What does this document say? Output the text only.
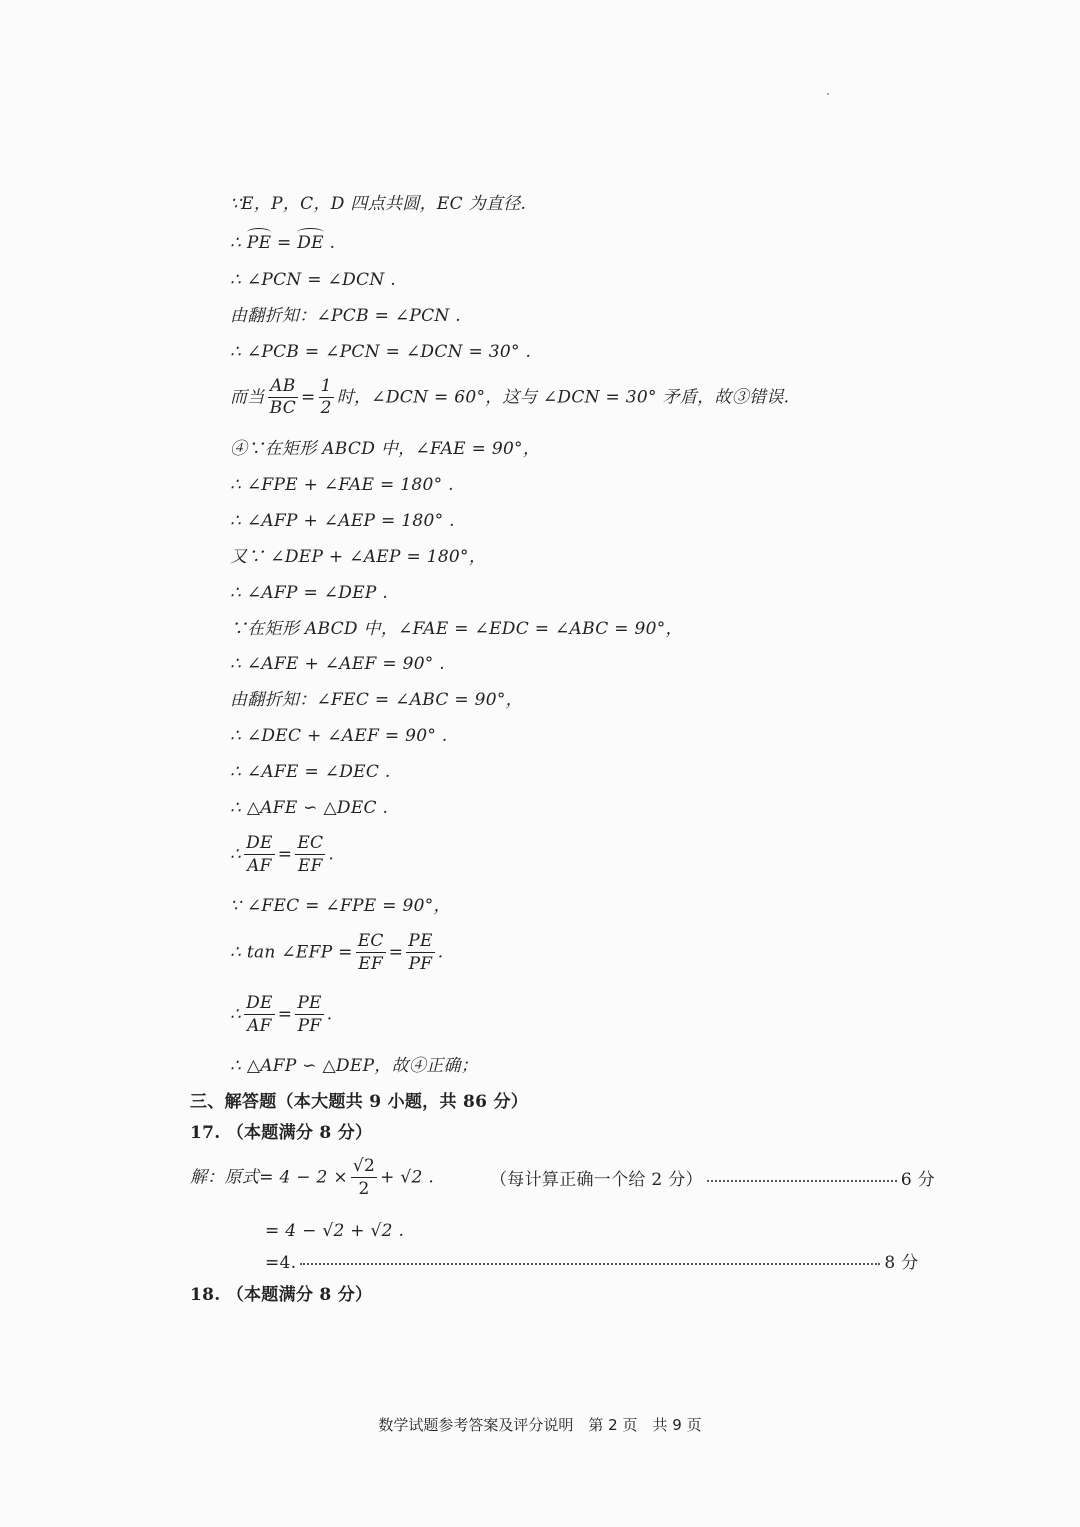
∵E，P，C，D 四点共圆，EC 为直径.
∴ PE = DE .
∴ ∠PCN = ∠DCN .
由翻折知：∠PCB = ∠PCN .
∴ ∠PCB = ∠PCN = ∠DCN = 30° .
而当 $\frac{AB}{BC} = \frac{1}{2}$ 时，∠DCN = 60°，这与 ∠DCN = 30° 矛盾，故③错误.
④∵在矩形 ABCD 中，∠FAE = 90°，
∴ ∠FPE + ∠FAE = 180° .
∴ ∠AFP + ∠AEP = 180° .
又∵ ∠DEP + ∠AEP = 180°，
∴ ∠AFP = ∠DEP .
∵在矩形 ABCD 中，∠FAE = ∠EDC = ∠ABC = 90°，
∴ ∠AFE + ∠AEF = 90° .
由翻折知：∠FEC = ∠ABC = 90°，
∴ ∠DEC + ∠AEF = 90° .
∴ ∠AFE = ∠DEC .
∴ △AFE ∽ △DEC .
∴ $\frac{DE}{AF} = \frac{EC}{EF}$ .
∵ ∠FEC = ∠FPE = 90°，
∴ tan ∠EFP = $\frac{EC}{EF} = \frac{PE}{PF}$ .
∴ $\frac{DE}{AF} = \frac{PE}{PF}$ .
∴ △AFP ∽ △DEP，故④正确；
三、解答题（本大题共 9 小题，共 86 分）
17. （本题满分 8 分）
解：原式= $4 - 2 \times \frac{√2}{2} + √2$ .	（每计算正确一个给 2 分）	6 分
= 4 − √2 + √2 .
=4.	8 分
18. （本题满分 8 分）
数学试题参考答案及评分说明　第 2 页　共 9 页
